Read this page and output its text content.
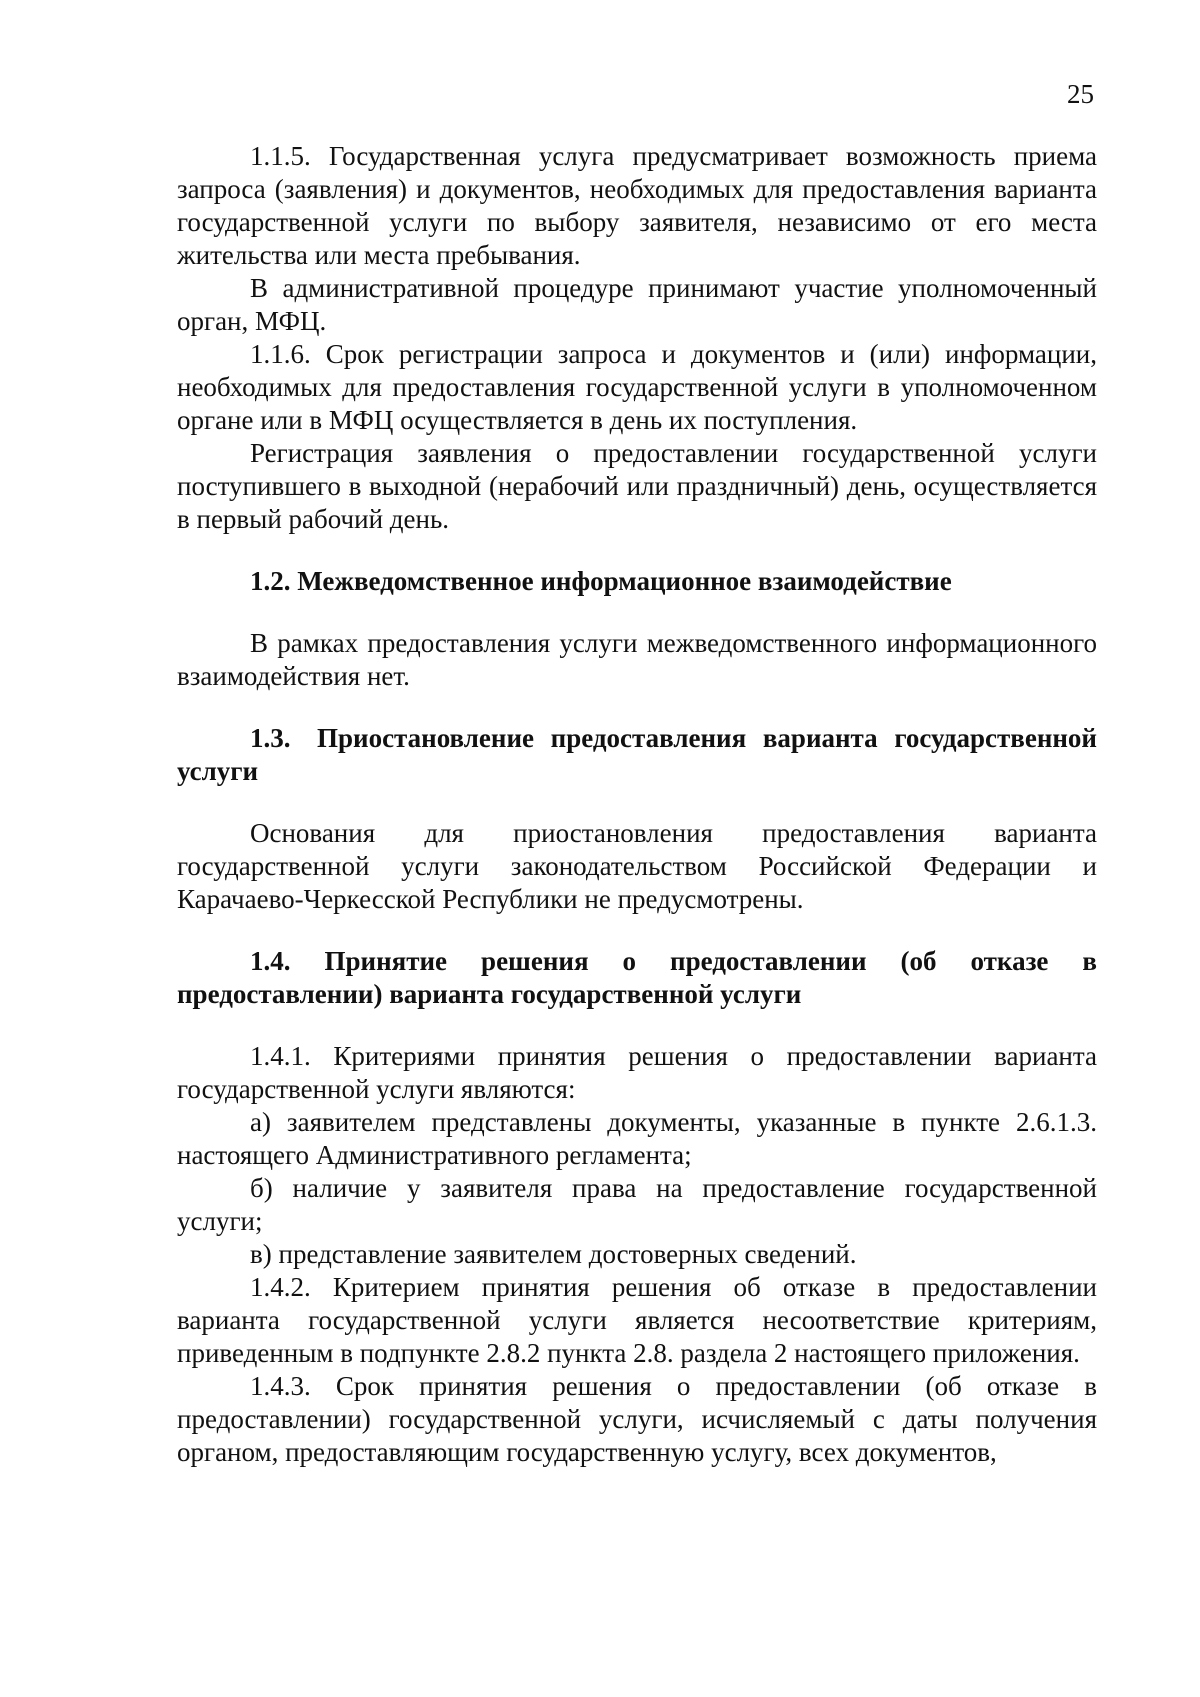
25

1.1.5. Государственная услуга предусматривает возможность приема запроса (заявления) и документов, необходимых для предоставления варианта государственной услуги по выбору заявителя, независимо от его места жительства или места пребывания.

В административной процедуре принимают участие уполномоченный орган, МФЦ.

1.1.6. Срок регистрации запроса и документов и (или) информации, необходимых для предоставления государственной услуги в уполномоченном органе или в МФЦ осуществляется в день их поступления.

Регистрация заявления о предоставлении государственной услуги поступившего в выходной (нерабочий или праздничный) день, осуществляется в первый рабочий день.

1.2. Межведомственное информационное взаимодействие

В рамках предоставления услуги межведомственного информационного взаимодействия нет.

1.3. Приостановление предоставления варианта государственной услуги

Основания для приостановления предоставления варианта государственной услуги законодательством Российской Федерации и Карачаево-Черкесской Республики не предусмотрены.

1.4. Принятие решения о предоставлении (об отказе в предоставлении) варианта государственной услуги

1.4.1. Критериями принятия решения о предоставлении варианта государственной услуги являются:

а) заявителем представлены документы, указанные в пункте 2.6.1.3. настоящего Административного регламента;

б) наличие у заявителя права на предоставление государственной услуги;

в) представление заявителем достоверных сведений.

1.4.2. Критерием принятия решения об отказе в предоставлении варианта государственной услуги является несоответствие критериям, приведенным в подпункте 2.8.2 пункта 2.8. раздела 2 настоящего приложения.

1.4.3. Срок принятия решения о предоставлении (об отказе в предоставлении) государственной услуги, исчисляемый с даты получения органом, предоставляющим государственную услугу, всех документов,
